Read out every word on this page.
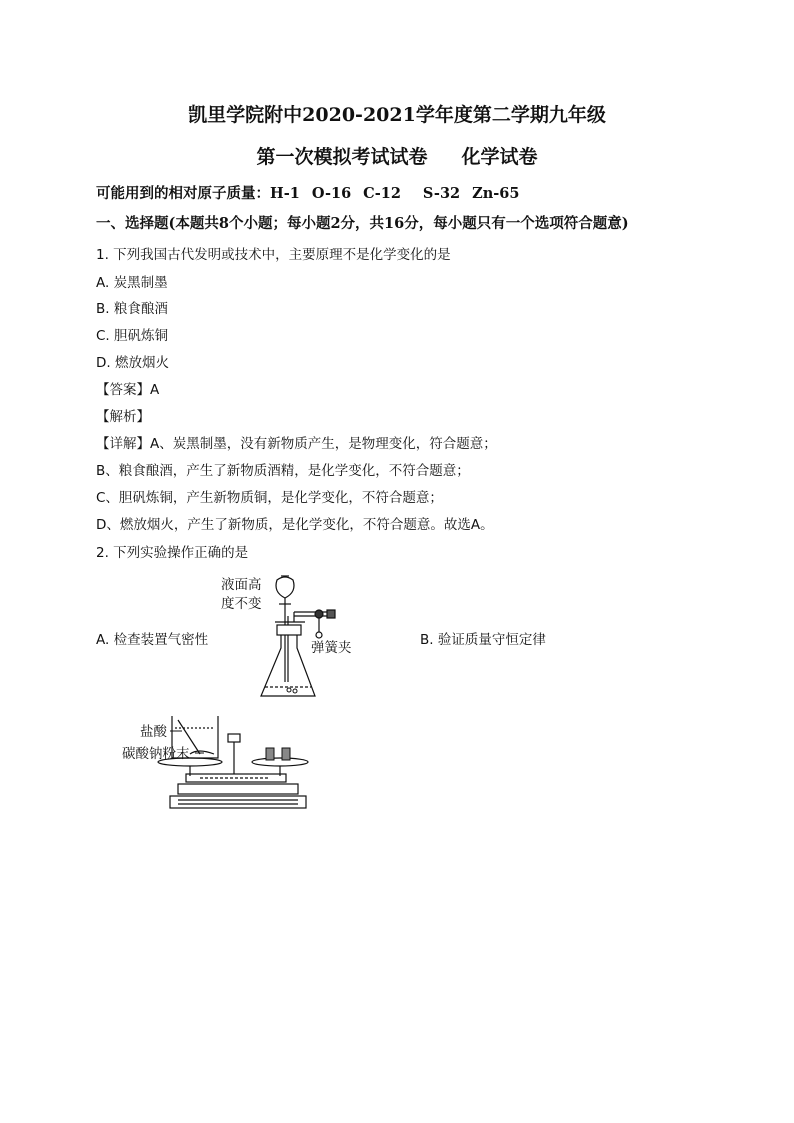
凯里学院附中2020-2021学年度第二学期九年级
第一次模拟考试试卷 化学试卷
可能用到的相对原子质量：H-1 O-16 C-12 S-32 Zn-65
一、选择题(本题共8个小题；每小题2分，共16分，每小题只有一个选项符合题意)
1. 下列我国古代发明或技术中，主要原理不是化学变化的是
A. 炭黑制墨
B. 粮食酿酒
C. 胆矾炼铜
D. 燃放烟火
【答案】A
【解析】
【详解】A、炭黑制墨，没有新物质产生，是物理变化，符合题意；
B、粮食酿酒，产生了新物质酒精，是化学变化，不符合题意；
C、胆矾炼铜，产生新物质铜，是化学变化，不符合题意；
D、燃放烟火，产生了新物质，是化学变化，不符合题意。故选A。
2. 下列实验操作正确的是
A. 检查装置气密性	B. 验证质量守恒定律
液面高
度不变
弹簧夹
盐酸
碳酸钠粉末
